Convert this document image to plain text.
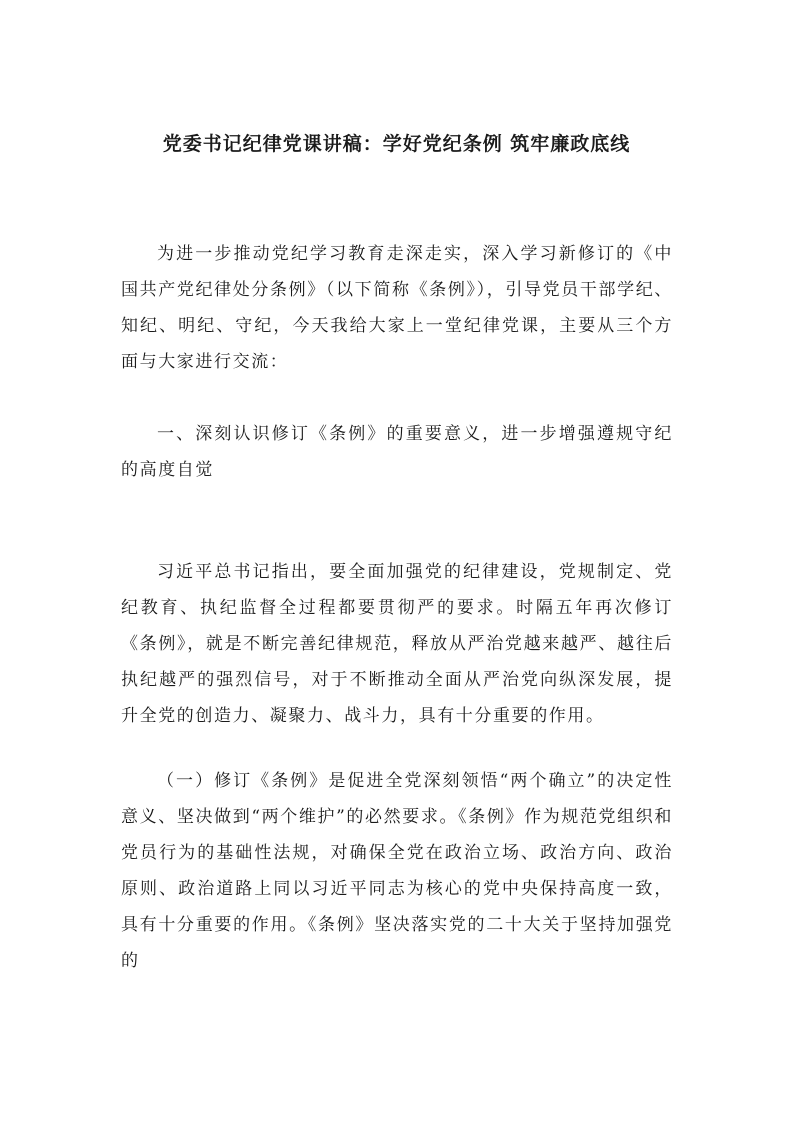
党委书记纪律党课讲稿：学好党纪条例 筑牢廉政底线

为进一步推动党纪学习教育走深走实，深入学习新修订的《中国共产党纪律处分条例》（以下简称《条例》），引导党员干部学纪、知纪、明纪、守纪，今天我给大家上一堂纪律党课，主要从三个方面与大家进行交流：

一、深刻认识修订《条例》的重要意义，进一步增强遵规守纪的高度自觉

习近平总书记指出，要全面加强党的纪律建设，党规制定、党纪教育、执纪监督全过程都要贯彻严的要求。时隔五年再次修订《条例》，就是不断完善纪律规范，释放从严治党越来越严、越往后执纪越严的强烈信号，对于不断推动全面从严治党向纵深发展，提升全党的创造力、凝聚力、战斗力，具有十分重要的作用。

（一）修订《条例》是促进全党深刻领悟“两个确立”的决定性意义、坚决做到“两个维护”的必然要求。《条例》作为规范党组织和党员行为的基础性法规，对确保全党在政治立场、政治方向、政治原则、政治道路上同以习近平同志为核心的党中央保持高度一致，具有十分重要的作用。《条例》坚决落实党的二十大关于坚持加强党的
